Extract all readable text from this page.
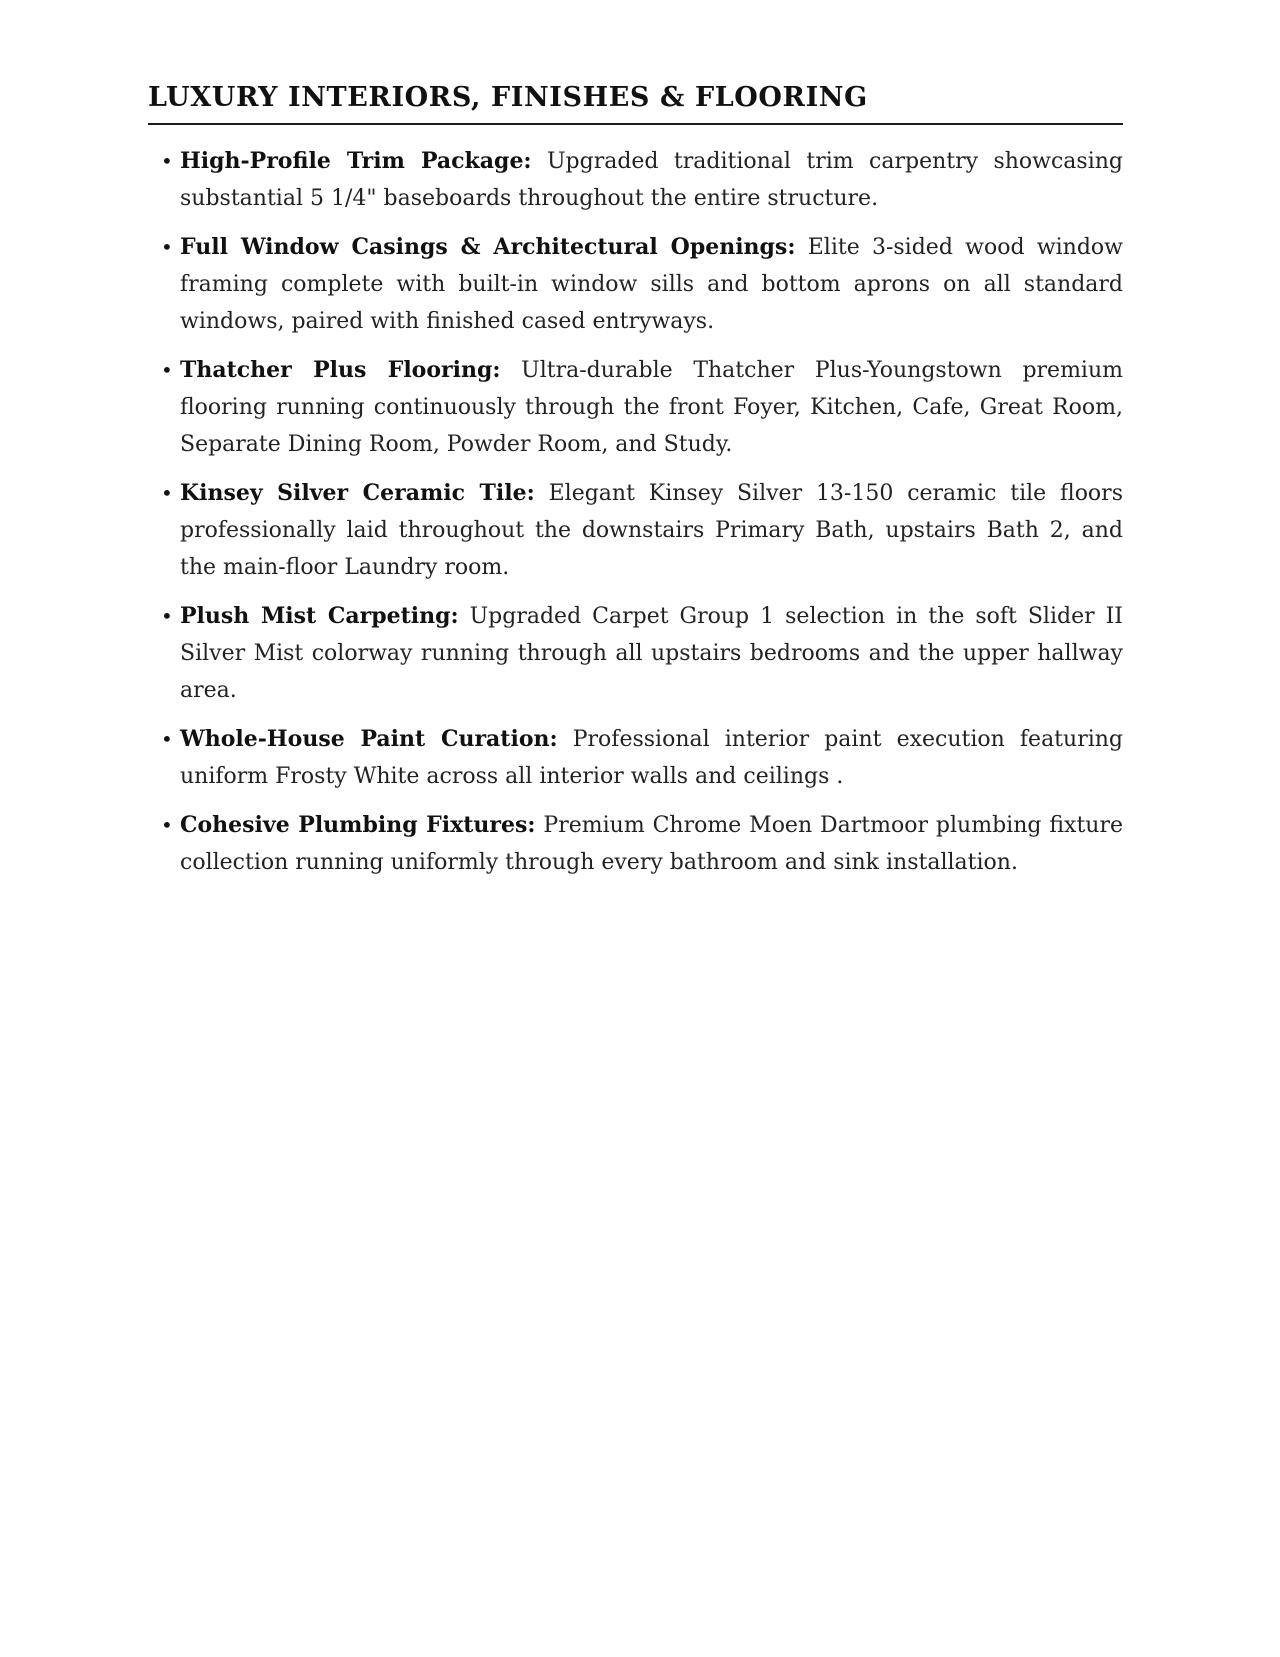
LUXURY INTERIORS, FINISHES & FLOORING
• High-Profile Trim Package: Upgraded traditional trim carpentry showcasing substantial 5 1/4" baseboards throughout the entire structure.
• Full Window Casings & Architectural Openings: Elite 3-sided wood window framing complete with built-in window sills and bottom aprons on all standard windows, paired with finished cased entryways.
• Thatcher Plus Flooring: Ultra-durable Thatcher Plus-Youngstown premium flooring running continuously through the front Foyer, Kitchen, Cafe, Great Room, Separate Dining Room, Powder Room, and Study.
• Kinsey Silver Ceramic Tile: Elegant Kinsey Silver 13-150 ceramic tile floors professionally laid throughout the downstairs Primary Bath, upstairs Bath 2, and the main-floor Laundry room.
• Plush Mist Carpeting: Upgraded Carpet Group 1 selection in the soft Slider II Silver Mist colorway running through all upstairs bedrooms and the upper hallway area.
• Whole-House Paint Curation: Professional interior paint execution featuring uniform Frosty White across all interior walls and ceilings .
• Cohesive Plumbing Fixtures: Premium Chrome Moen Dartmoor plumbing fixture collection running uniformly through every bathroom and sink installation.
